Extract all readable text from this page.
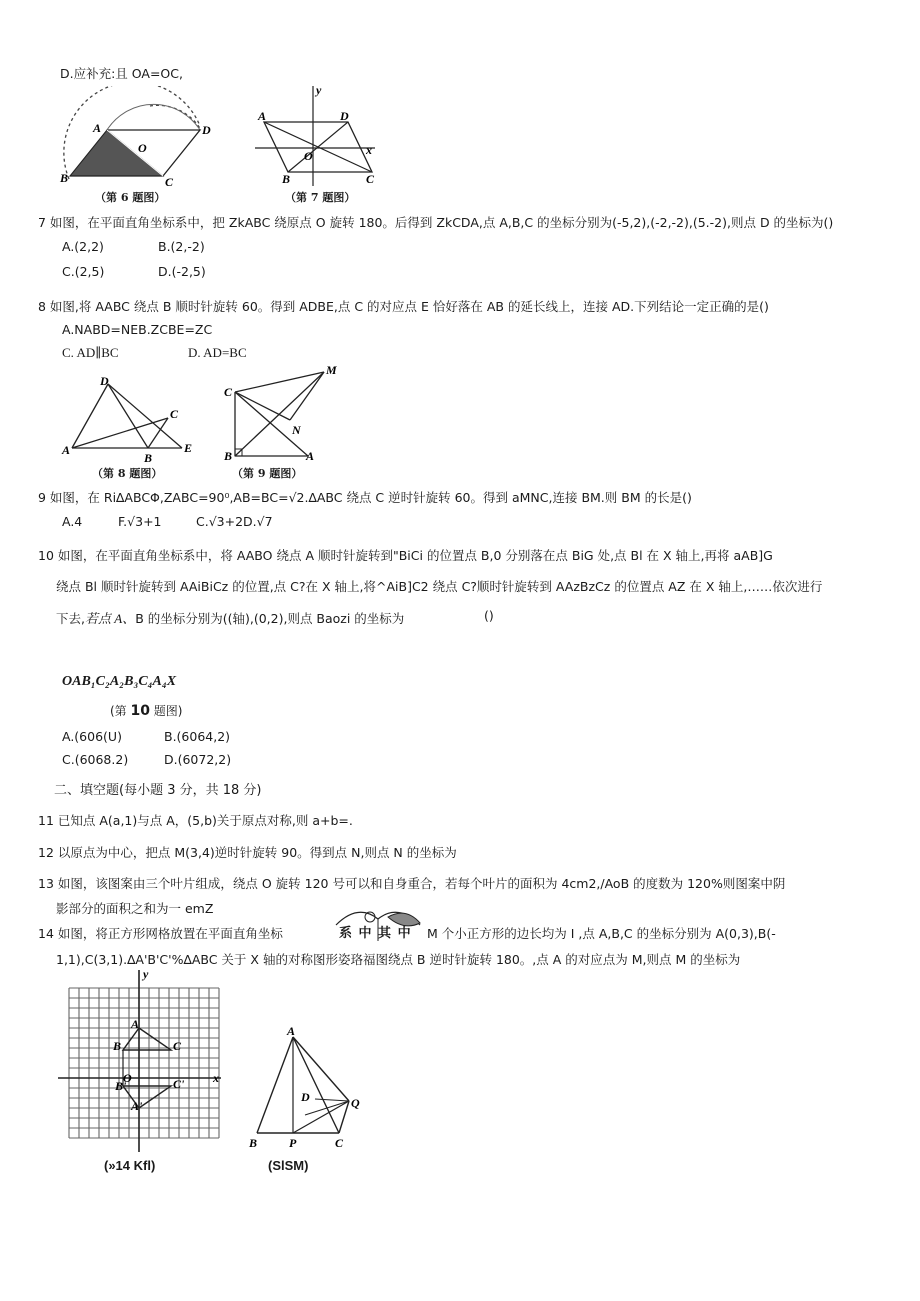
D.应补充:且 OA=OC,
A	D
O
B	C
（第 6 题图）
A	D
y
O	x
B	C
（第 7 题图）
7 如图，在平面直角坐标系中，把 ZkABC 绕原点 O 旋转 180。后得到 ZkCDA,点 A,B,C 的坐标分别为(-5,2),(-2,-2),(5.-2),则点 D 的坐标为()
A.(2,2)	B.(2,-2)
C.(2,5)	D.(-2,5)
8 如图,将 AABC 绕点 B 顺时针旋转 60。得到 ADBE,点 C 的对应点 E 恰好落在 AB 的延长线上，连接 AD.下列结论一定正确的是()
A.NABD=NEB.ZCBE=ZC
C. AD∥BC	D. AD=BC
D
C
A
B
E
（第 8 题图）
C
M
N
B	A
（第 9 题图）
9 如图，在 Ri∆ABCΦ,ZABC=90⁰,AB=BC=√2.∆ABC 绕点 C 逆时针旋转 60。得到 aMNC,连接 BM.则 BM 的长是()
A.4	F.√3+1	C.√3+2D.√7
10 如图，在平面直角坐标系中，将 AABO 绕点 A 顺时针旋转到"BiCi 的位置点 B,0 分别落在点 BiG 处,点 Bl 在 X 轴上,再将 aAB]G
绕点 Bl 顺时针旋转到 AAiBiCz 的位置,点 C?在 X 轴上,将^AiB]C2 绕点 C?顺时针旋转到 AAzBzCz 的位置点 AZ 在 X 轴上,……依次进行
下去,若点 A、B 的坐标分别为((轴),(0,2),则点 Baozi 的坐标为	()
OAB₁C₂A₂B₃C₄A₄X
(第 10 题图)
A.(606(U)	B.(6064,2)
C.(6068.2)	D.(6072,2)
二、填空题(每小题 3 分，共 18 分)
11 已知点 A(a,1)与点 A，(5,b)关于原点对称,则 a+b=.
12 以原点为中心，把点 M(3,4)逆时针旋转 90。得到点 N,则点 N 的坐标为
13 如图，该图案由三个叶片组成，绕点 O 旋转 120 号可以和自身重合，若每个叶片的面积为 4cm2,/AoB 的度数为 120%则图案中阴
影部分的面积之和为一 emZ
14 如图，将正方形网格放置在平面直角坐标	系 中 其 中 M 个小正方形的边长均为 I ,点 A,B,C 的坐标分别为 A(0,3),B(-
1,1),C(3,1).∆A'B'C'%∆ABC 关于 X 轴的对称图形姿珞福图绕点 B 逆时针旋转 180。,点 A 的对应点为 M,则点 M 的坐标为
A
B	C
B'	C'
O
A'
y
x
(»14 Kfl)
A
D	Q
B	P	C
(SlSM)
